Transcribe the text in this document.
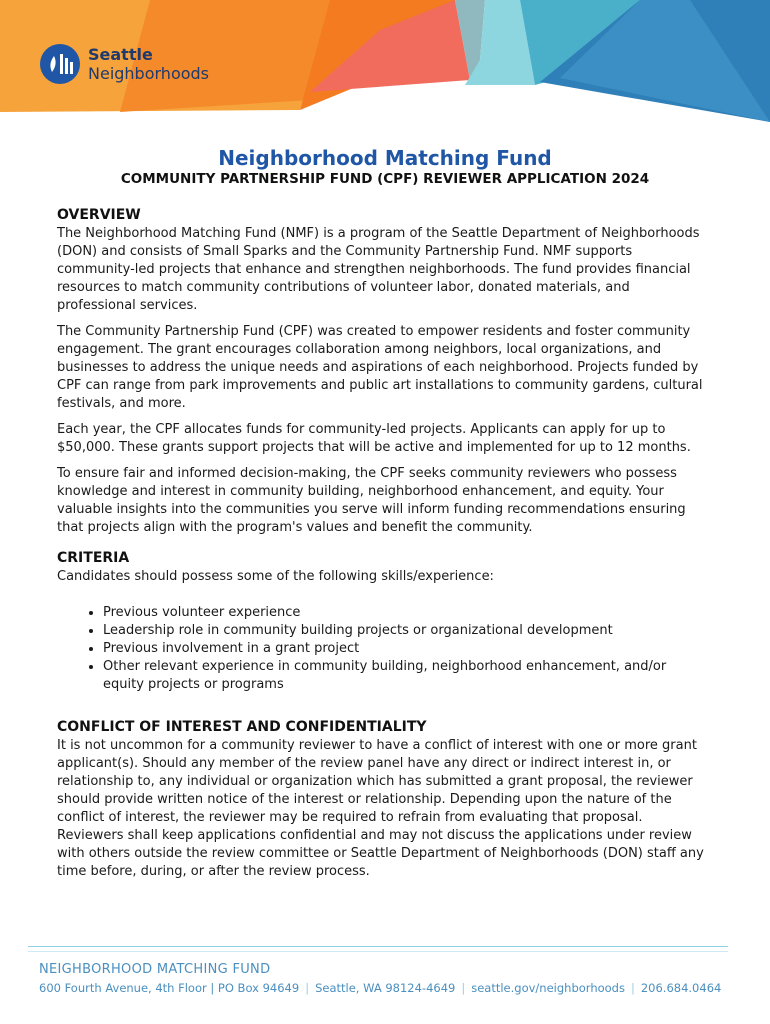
Seattle
Neighborhoods
Neighborhood Matching Fund
COMMUNITY PARTNERSHIP FUND (CPF) REVIEWER APPLICATION 2024
OVERVIEW

The Neighborhood Matching Fund (NMF) is a program of the Seattle Department of Neighborhoods (DON) and consists of Small Sparks and the Community Partnership Fund. NMF supports community-led projects that enhance and strengthen neighborhoods. The fund provides financial resources to match community contributions of volunteer labor, donated materials, and professional services.

The Community Partnership Fund (CPF) was created to empower residents and foster community engagement. The grant encourages collaboration among neighbors, local organizations, and businesses to address the unique needs and aspirations of each neighborhood. Projects funded by CPF can range from park improvements and public art installations to community gardens, cultural festivals, and more.

Each year, the CPF allocates funds for community-led projects. Applicants can apply for up to $50,000. These grants support projects that will be active and implemented for up to 12 months.

To ensure fair and informed decision-making, the CPF seeks community reviewers who possess knowledge and interest in community building, neighborhood enhancement, and equity. Your valuable insights into the communities you serve will inform funding recommendations ensuring that projects align with the program's values and benefit the community.

CRITERIA

Candidates should possess some of the following skills/experience:

• Previous volunteer experience
• Leadership role in community building projects or organizational development
• Previous involvement in a grant project
• Other relevant experience in community building, neighborhood enhancement, and/or equity projects or programs
CONFLICT OF INTEREST AND CONFIDENTIALITY

It is not uncommon for a community reviewer to have a conflict of interest with one or more grant applicant(s). Should any member of the review panel have any direct or indirect interest in, or relationship to, any individual or organization which has submitted a grant proposal, the reviewer should provide written notice of the interest or relationship. Depending upon the nature of the conflict of interest, the reviewer may be required to refrain from evaluating that proposal. Reviewers shall keep applications confidential and may not discuss the applications under review with others outside the review committee or Seattle Department of Neighborhoods (DON) staff any time before, during, or after the review process.

NEIGHBORHOOD MATCHING FUND
600 Fourth Avenue, 4th Floor | PO Box 94649 | Seattle, WA 98124-4649 | seattle.gov/neighborhoods | 206.684.0464
